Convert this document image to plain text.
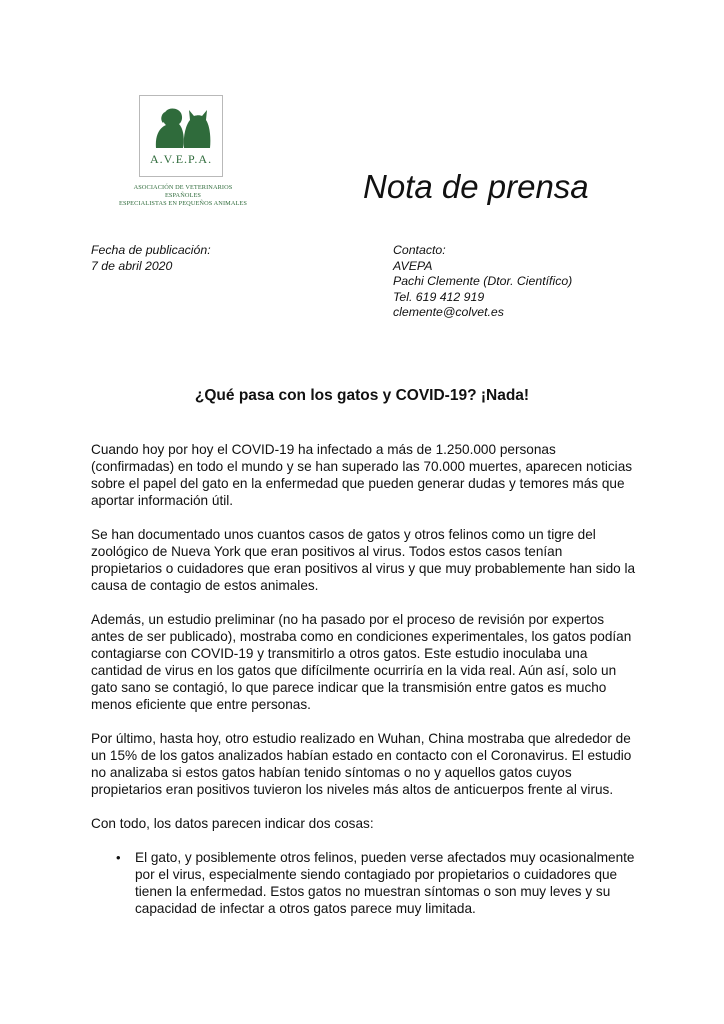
A.V.E.P.A.
ASOCIACIÓN DE VETERINARIOS ESPAÑOLES
ESPECIALISTAS EN PEQUEÑOS ANIMALES	Nota de prensa
Fecha de publicación:
7 de abril 2020
Contacto:
AVEPA
Pachi Clemente (Dtor. Científico)
Tel. 619 412 919
clemente@colvet.es
¿Qué pasa con los gatos y COVID-19? ¡Nada!

Cuando hoy por hoy el COVID-19 ha infectado a más de 1.250.000 personas (confirmadas) en todo el mundo y se han superado las 70.000 muertes, aparecen noticias sobre el papel del gato en la enfermedad que pueden generar dudas y temores más que aportar información útil.

Se han documentado unos cuantos casos de gatos y otros felinos como un tigre del zoológico de Nueva York que eran positivos al virus. Todos estos casos tenían propietarios o cuidadores que eran positivos al virus y que muy probablemente han sido la causa de contagio de estos animales.

Además, un estudio preliminar (no ha pasado por el proceso de revisión por expertos antes de ser publicado), mostraba como en condiciones experimentales, los gatos podían contagiarse con COVID-19 y transmitirlo a otros gatos. Este estudio inoculaba una cantidad de virus en los gatos que difícilmente ocurriría en la vida real. Aún así, solo un gato sano se contagió, lo que parece indicar que la transmisión entre gatos es mucho menos eficiente que entre personas.

Por último, hasta hoy, otro estudio realizado en Wuhan, China mostraba que alrededor de un 15% de los gatos analizados habían estado en contacto con el Coronavirus. El estudio no analizaba si estos gatos habían tenido síntomas o no y aquellos gatos cuyos propietarios eran positivos tuvieron los niveles más altos de anticuerpos frente al virus.

Con todo, los datos parecen indicar dos cosas:

• El gato, y posiblemente otros felinos, pueden verse afectados muy ocasionalmente por el virus, especialmente siendo contagiado por propietarios o cuidadores que tienen la enfermedad. Estos gatos no muestran síntomas o son muy leves y su capacidad de infectar a otros gatos parece muy limitada.
